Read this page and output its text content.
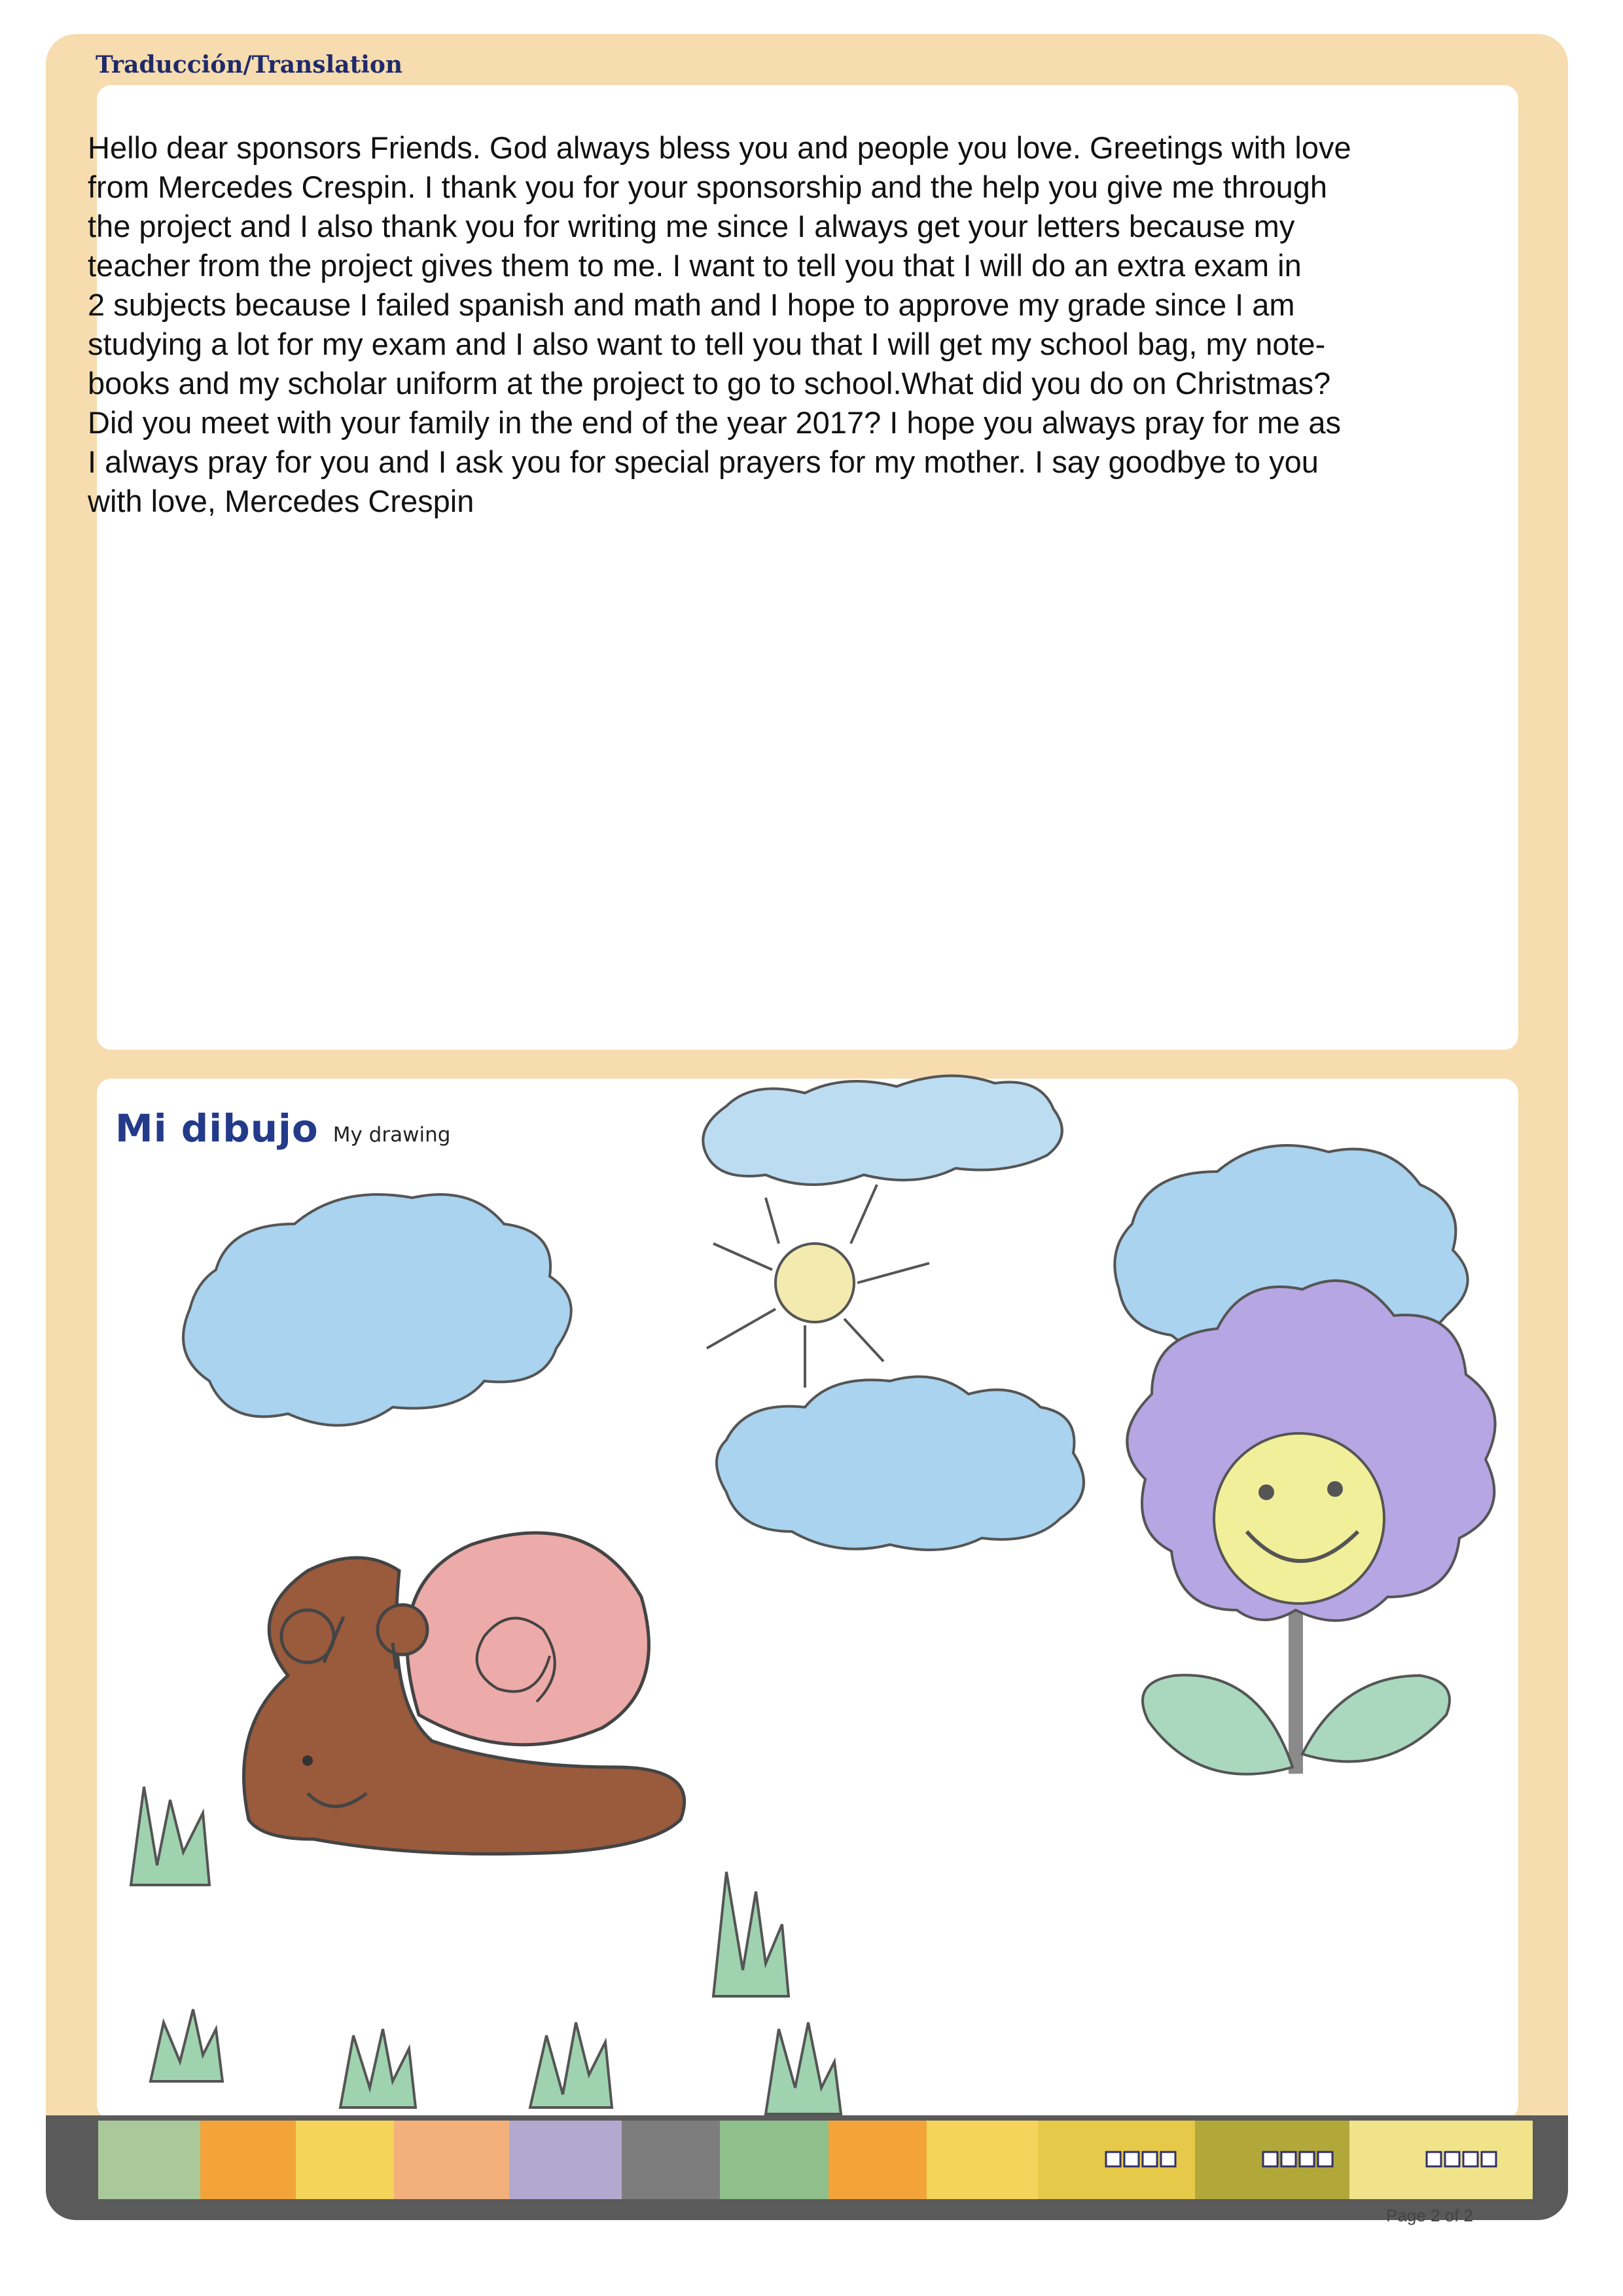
Traducción/Translation
Hello dear sponsors Friends. God always bless you and people you love. Greetings with love
from Mercedes Crespin. I thank you for your sponsorship and the help you give me through
the project and I also thank you for writing me since I always get your letters because my
teacher from the project gives them to me. I want to tell you that I will do an extra exam in
2 subjects because I failed spanish and math and I hope to approve my grade since I am
studying a lot for my exam and I also want to tell you that I will get my school bag, my note-
books and my scholar uniform at the project to go to school.What did you do on Christmas?
Did you meet with your family in the end of the year 2017? I hope you always pray for me as
I always pray for you and I ask you for special prayers for my mother. I say goodbye to you
with love, Mercedes Crespin
Mi dibujo My drawing
Page 2 of 2
